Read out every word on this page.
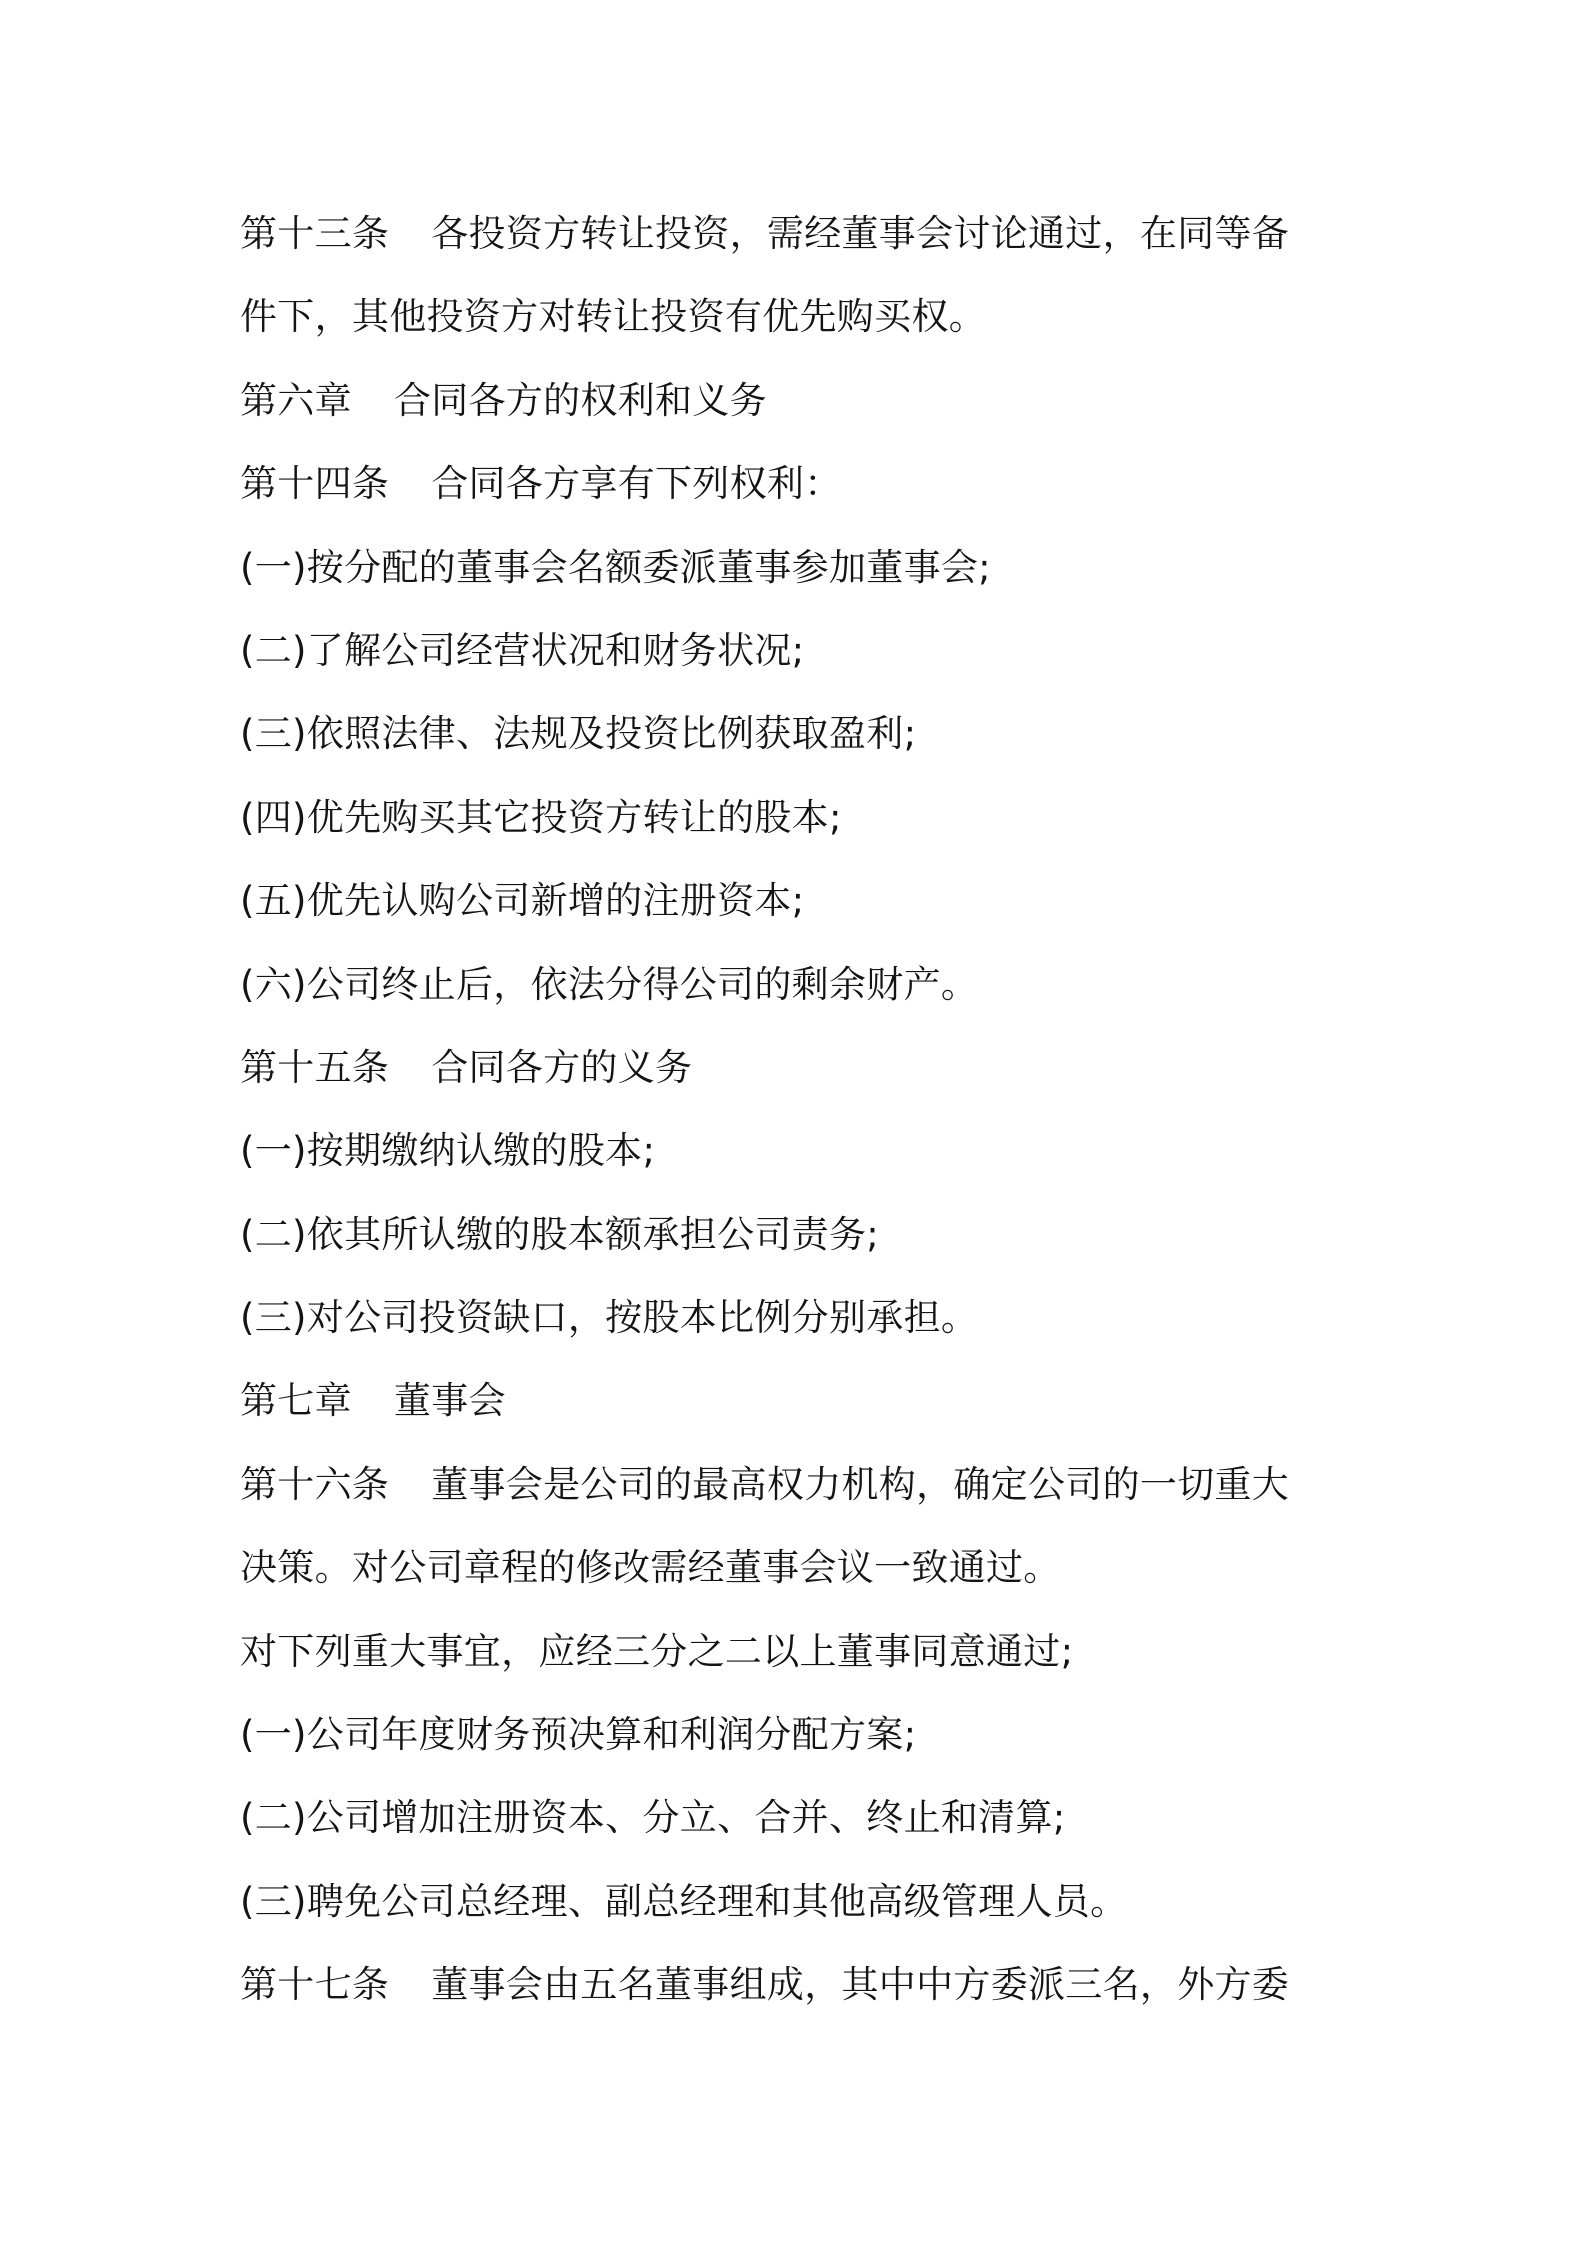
第十三条 各投资方转让投资，需经董事会讨论通过，在同等备
件下，其他投资方对转让投资有优先购买权。
第六章 合同各方的权利和义务
第十四条 合同各方享有下列权利：
(一)按分配的董事会名额委派董事参加董事会;
(二)了解公司经营状况和财务状况;
(三)依照法律、法规及投资比例获取盈利;
(四)优先购买其它投资方转让的股本;
(五)优先认购公司新增的注册资本;
(六)公司终止后，依法分得公司的剩余财产。
第十五条 合同各方的义务
(一)按期缴纳认缴的股本;
(二)依其所认缴的股本额承担公司责务;
(三)对公司投资缺口，按股本比例分别承担。
第七章 董事会
第十六条 董事会是公司的最高权力机构，确定公司的一切重大
决策。对公司章程的修改需经董事会议一致通过。
对下列重大事宜，应经三分之二以上董事同意通过;
(一)公司年度财务预决算和利润分配方案;
(二)公司增加注册资本、分立、合并、终止和清算;
(三)聘免公司总经理、副总经理和其他高级管理人员。
第十七条 董事会由五名董事组成，其中中方委派三名，外方委
